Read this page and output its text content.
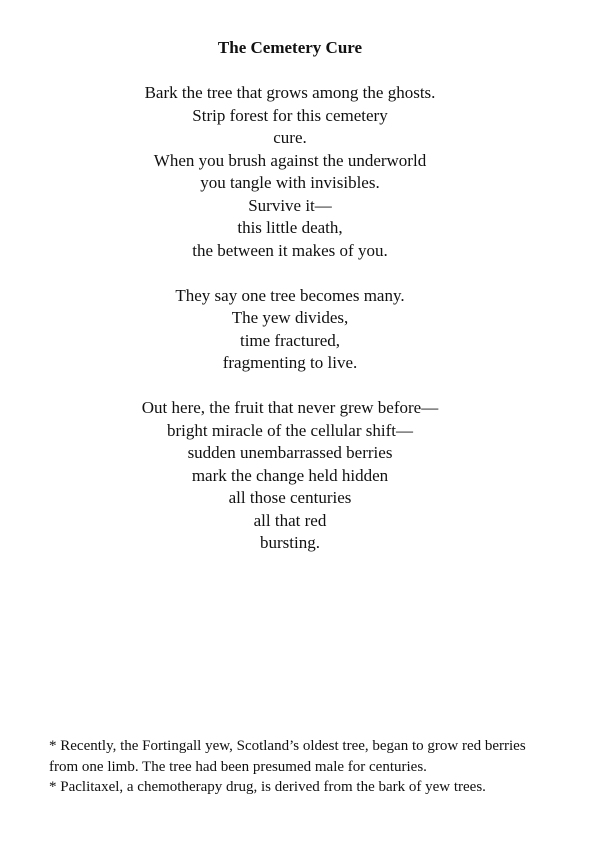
The Cemetery Cure
Bark the tree that grows among the ghosts.
Strip forest for this cemetery
cure.
When you brush against the underworld
you tangle with invisibles.
Survive it—
this little death,
the between it makes of you.
They say one tree becomes many.
The yew divides,
time fractured,
fragmenting to live.
Out here, the fruit that never grew before—
bright miracle of the cellular shift—
sudden unembarrassed berries
mark the change held hidden
all those centuries
all that red
bursting.

* Recently, the Fortingall yew, Scotland’s oldest tree, began to grow red berries from one limb. The tree had been presumed male for centuries.

* Paclitaxel, a chemotherapy drug, is derived from the bark of yew trees.
